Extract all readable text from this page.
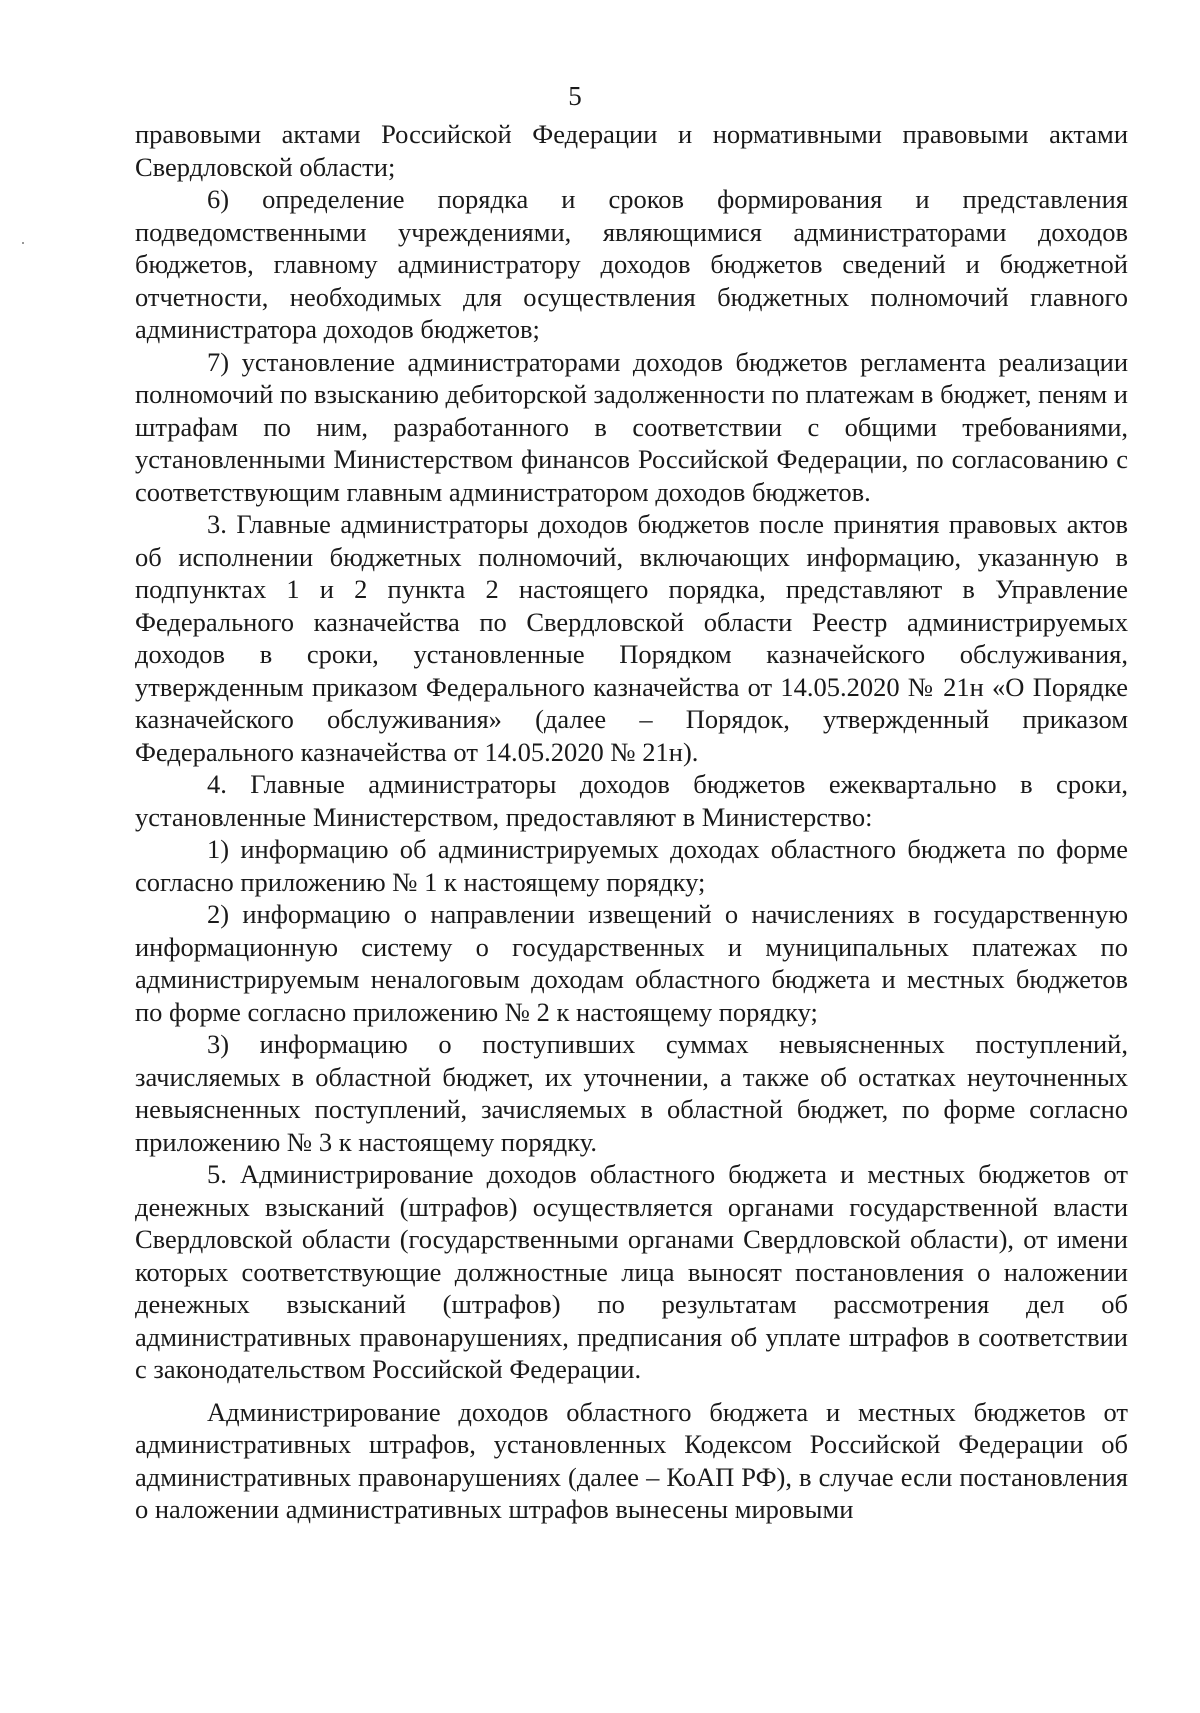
5

правовыми актами Российской Федерации и нормативными правовыми актами Свердловской области;

6) определение порядка и сроков формирования и представления подведомственными учреждениями, являющимися администраторами доходов бюджетов, главному администратору доходов бюджетов сведений и бюджетной отчетности, необходимых для осуществления бюджетных полномочий главного администратора доходов бюджетов;

7) установление администраторами доходов бюджетов регламента реализации полномочий по взысканию дебиторской задолженности по платежам в бюджет, пеням и штрафам по ним, разработанного в соответствии с общими требованиями, установленными Министерством финансов Российской Федерации, по согласованию с соответствующим главным администратором доходов бюджетов.

3. Главные администраторы доходов бюджетов после принятия правовых актов об исполнении бюджетных полномочий, включающих информацию, указанную в подпунктах 1 и 2 пункта 2 настоящего порядка, представляют в Управление Федерального казначейства по Свердловской области Реестр администрируемых доходов в сроки, установленные Порядком казначейского обслуживания, утвержденным приказом Федерального казначейства от 14.05.2020 № 21н «О Порядке казначейского обслуживания» (далее – Порядок, утвержденный приказом Федерального казначейства от 14.05.2020 № 21н).

4. Главные администраторы доходов бюджетов ежеквартально в сроки, установленные Министерством, предоставляют в Министерство:

1) информацию об администрируемых доходах областного бюджета по форме согласно приложению № 1 к настоящему порядку;

2) информацию о направлении извещений о начислениях в государственную информационную систему о государственных и муниципальных платежах по администрируемым неналоговым доходам областного бюджета и местных бюджетов по форме согласно приложению № 2 к настоящему порядку;

3) информацию о поступивших суммах невыясненных поступлений, зачисляемых в областной бюджет, их уточнении, а также об остатках неуточненных невыясненных поступлений, зачисляемых в областной бюджет, по форме согласно приложению № 3 к настоящему порядку.

5. Администрирование доходов областного бюджета и местных бюджетов от денежных взысканий (штрафов) осуществляется органами государственной власти Свердловской области (государственными органами Свердловской области), от имени которых соответствующие должностные лица выносят постановления о наложении денежных взысканий (штрафов) по результатам рассмотрения дел об административных правонарушениях, предписания об уплате штрафов в соответствии с законодательством Российской Федерации.

Администрирование доходов областного бюджета и местных бюджетов от административных штрафов, установленных Кодексом Российской Федерации об административных правонарушениях (далее – КоАП РФ), в случае если постановления о наложении административных штрафов вынесены мировыми
